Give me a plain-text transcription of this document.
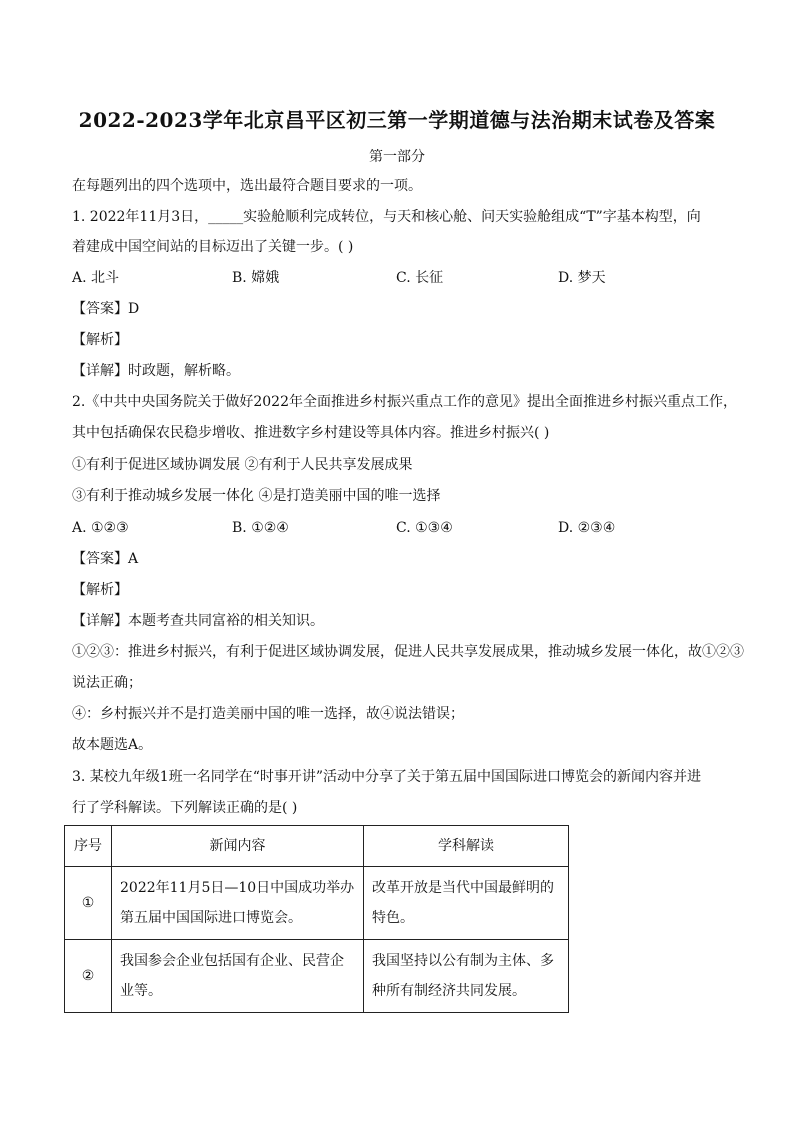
2022-2023学年北京昌平区初三第一学期道德与法治期末试卷及答案
第一部分
在每题列出的四个选项中，选出最符合题目要求的一项。
1. 2022年11月3日，_____实验舱顺利完成转位，与天和核心舱、问天实验舱组成“T”字基本构型，向
着建成中国空间站的目标迈出了关键一步。( )
A. 北斗	B. 嫦娥	C. 长征	D. 梦天
【答案】D
【解析】
【详解】时政题，解析略。
2.《中共中央国务院关于做好2022年全面推进乡村振兴重点工作的意见》提出全面推进乡村振兴重点工作，
其中包括确保农民稳步增收、推进数字乡村建设等具体内容。推进乡村振兴( )
①有利于促进区域协调发展 ②有利于人民共享发展成果
③有利于推动城乡发展一体化 ④是打造美丽中国的唯一选择
A. ①②③	B. ①②④	C. ①③④	D. ②③④
【答案】A
【解析】
【详解】本题考查共同富裕的相关知识。
①②③：推进乡村振兴，有利于促进区域协调发展，促进人民共享发展成果，推动城乡发展一体化，故①②③
说法正确；
④：乡村振兴并不是打造美丽中国的唯一选择，故④说法错误；
故本题选A。
3. 某校九年级1班一名同学在“时事开讲”活动中分享了关于第五届中国国际进口博览会的新闻内容并进
行了学科解读。下列解读正确的是( )
序号	新闻内容	学科解读
①	2022年11月5日—10日中国成功举办第五届中国国际进口博览会。	改革开放是当代中国最鲜明的特色。
②	我国参会企业包括国有企业、民营企业等。	我国坚持以公有制为主体、多种所有制经济共同发展。
